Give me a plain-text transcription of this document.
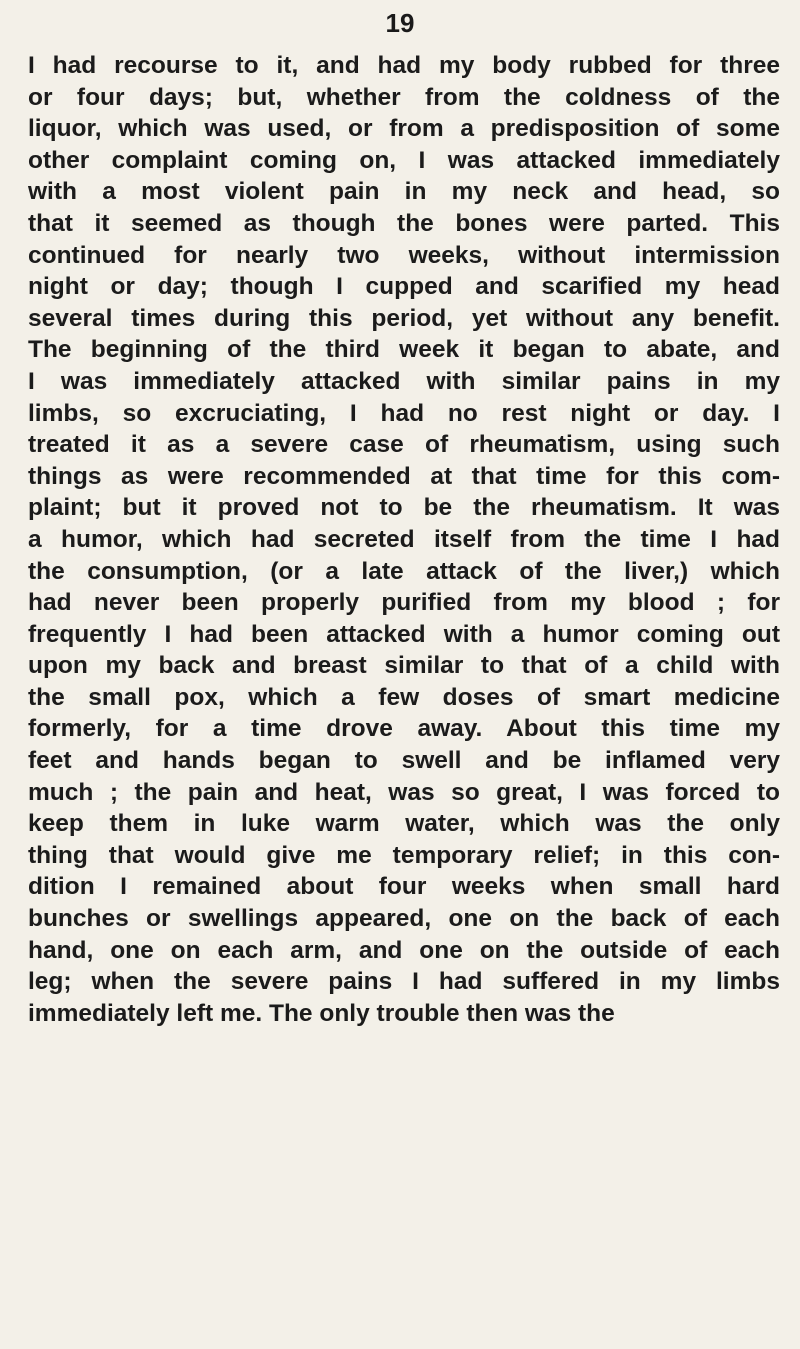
19
I had recourse to it, and had my body rubbed for three
or four days; but, whether from the coldness of the
liquor, which was used, or from a predisposition of some
other complaint coming on, I was attacked immediately
with a most violent pain in my neck and head, so
that it seemed as though the bones were parted. This
continued for nearly two weeks, without intermission
night or day; though I cupped and scarified my head
several times during this period, yet without any benefit.
The beginning of the third week it began to abate, and
I was immediately attacked with similar pains in my
limbs, so excruciating, I had no rest night or day. I
treated it as a severe case of rheumatism, using such
things as were recommended at that time for this com-
plaint; but it proved not to be the rheumatism. It was
a humor, which had secreted itself from the time I had
the consumption, (or a late attack of the liver,) which
had never been properly purified from my blood ; for
frequently I had been attacked with a humor coming out
upon my back and breast similar to that of a child with
the small pox, which a few doses of smart medicine
formerly, for a time drove away. About this time my
feet and hands began to swell and be inflamed very
much ; the pain and heat, was so great, I was forced to
keep them in luke warm water, which was the only
thing that would give me temporary relief; in this con-
dition I remained about four weeks when small hard
bunches or swellings appeared, one on the back of each
hand, one on each arm, and one on the outside of each
leg; when the severe pains I had suffered in my limbs
immediately left me. The only trouble then was the
